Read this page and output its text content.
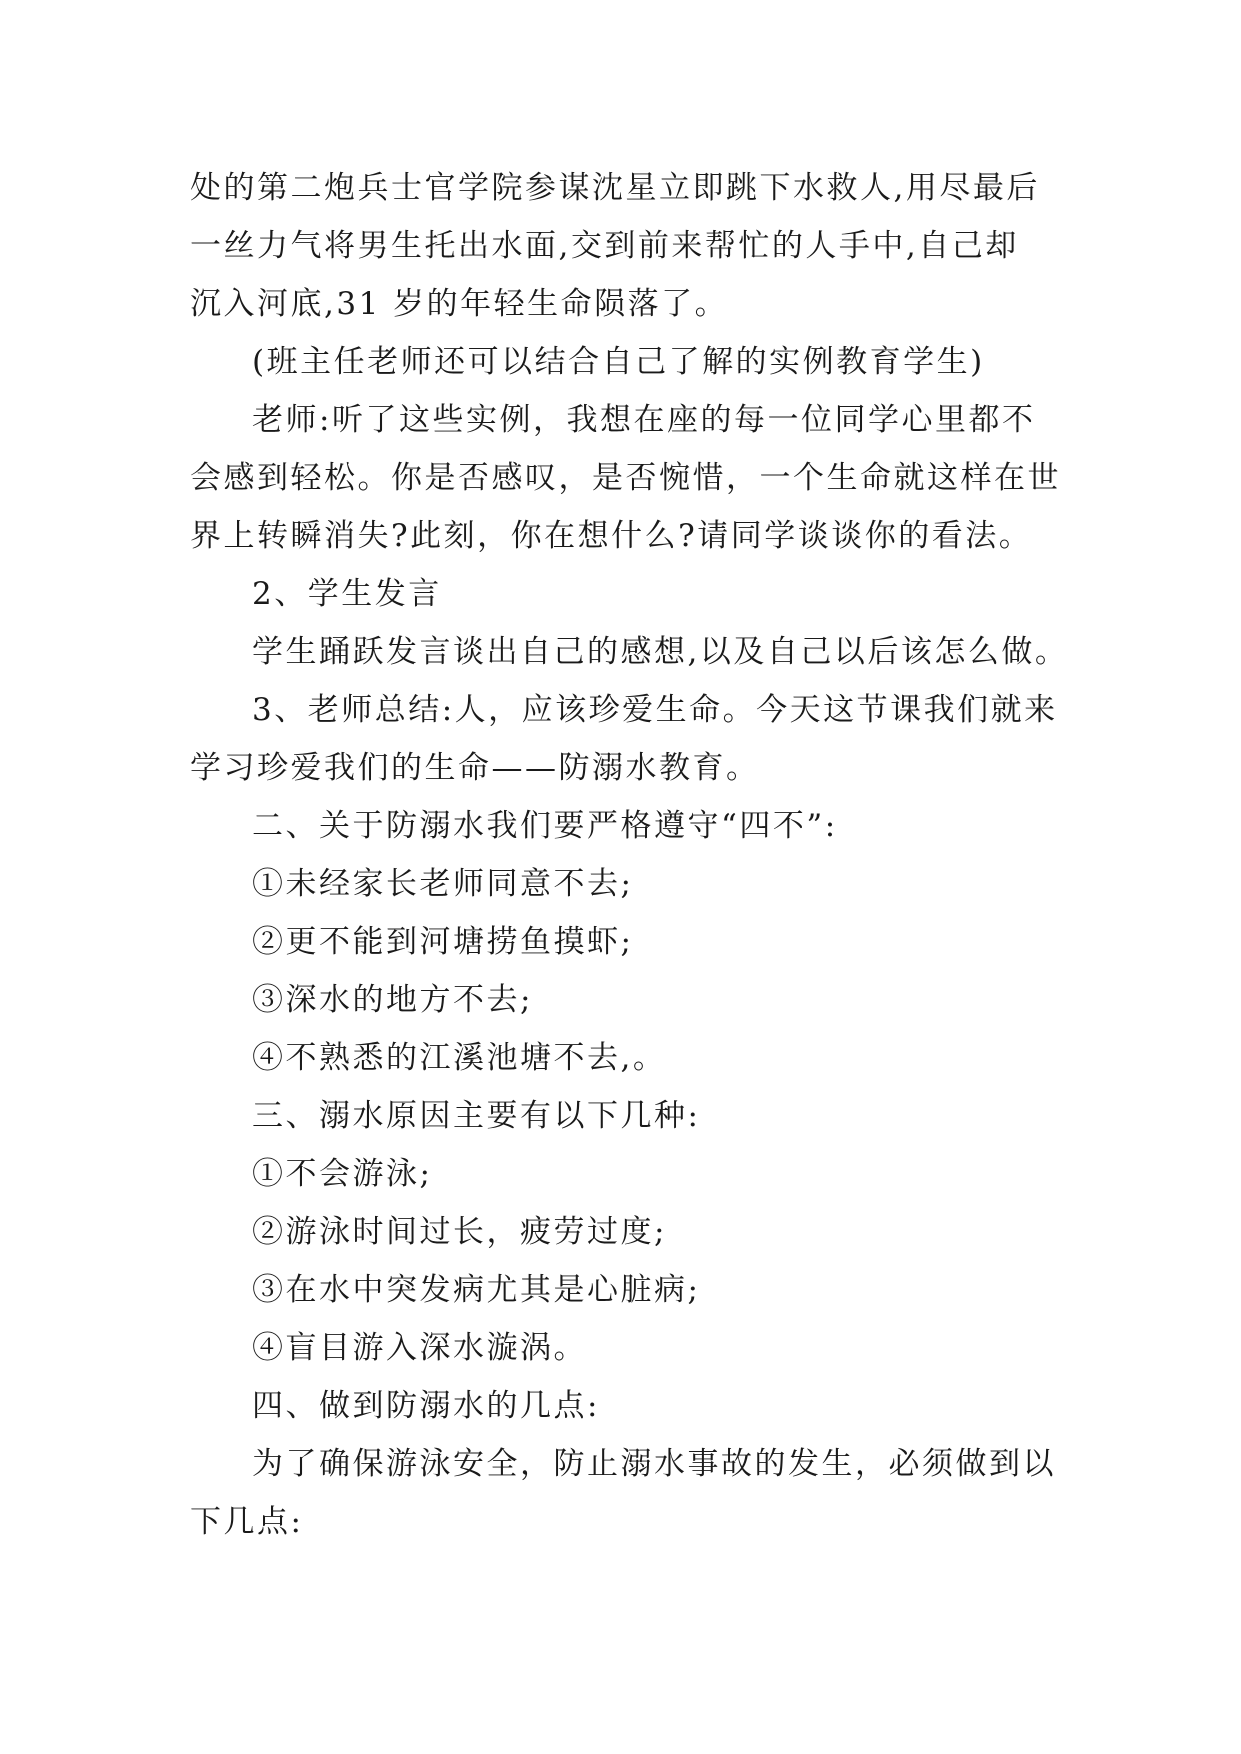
处的第二炮兵士官学院参谋沈星立即跳下水救人,用尽最后
一丝力气将男生托出水面,交到前来帮忙的人手中,自己却
沉入河底,31 岁的年轻生命陨落了。
(班主任老师还可以结合自己了解的实例教育学生)
老师:听了这些实例，我想在座的每一位同学心里都不
会感到轻松。你是否感叹，是否惋惜，一个生命就这样在世
界上转瞬消失?此刻，你在想什么?请同学谈谈你的看法。
2、学生发言
学生踊跃发言谈出自己的感想,以及自己以后该怎么做。
3、老师总结:人，应该珍爱生命。今天这节课我们就来
学习珍爱我们的生命——防溺水教育。
二、关于防溺水我们要严格遵守“四不”:
①未经家长老师同意不去;
②更不能到河塘捞鱼摸虾;
③深水的地方不去;
④不熟悉的江溪池塘不去,。
三、溺水原因主要有以下几种:
①不会游泳;
②游泳时间过长，疲劳过度;
③在水中突发病尤其是心脏病;
④盲目游入深水漩涡。
四、做到防溺水的几点:
为了确保游泳安全，防止溺水事故的发生，必须做到以
下几点:
